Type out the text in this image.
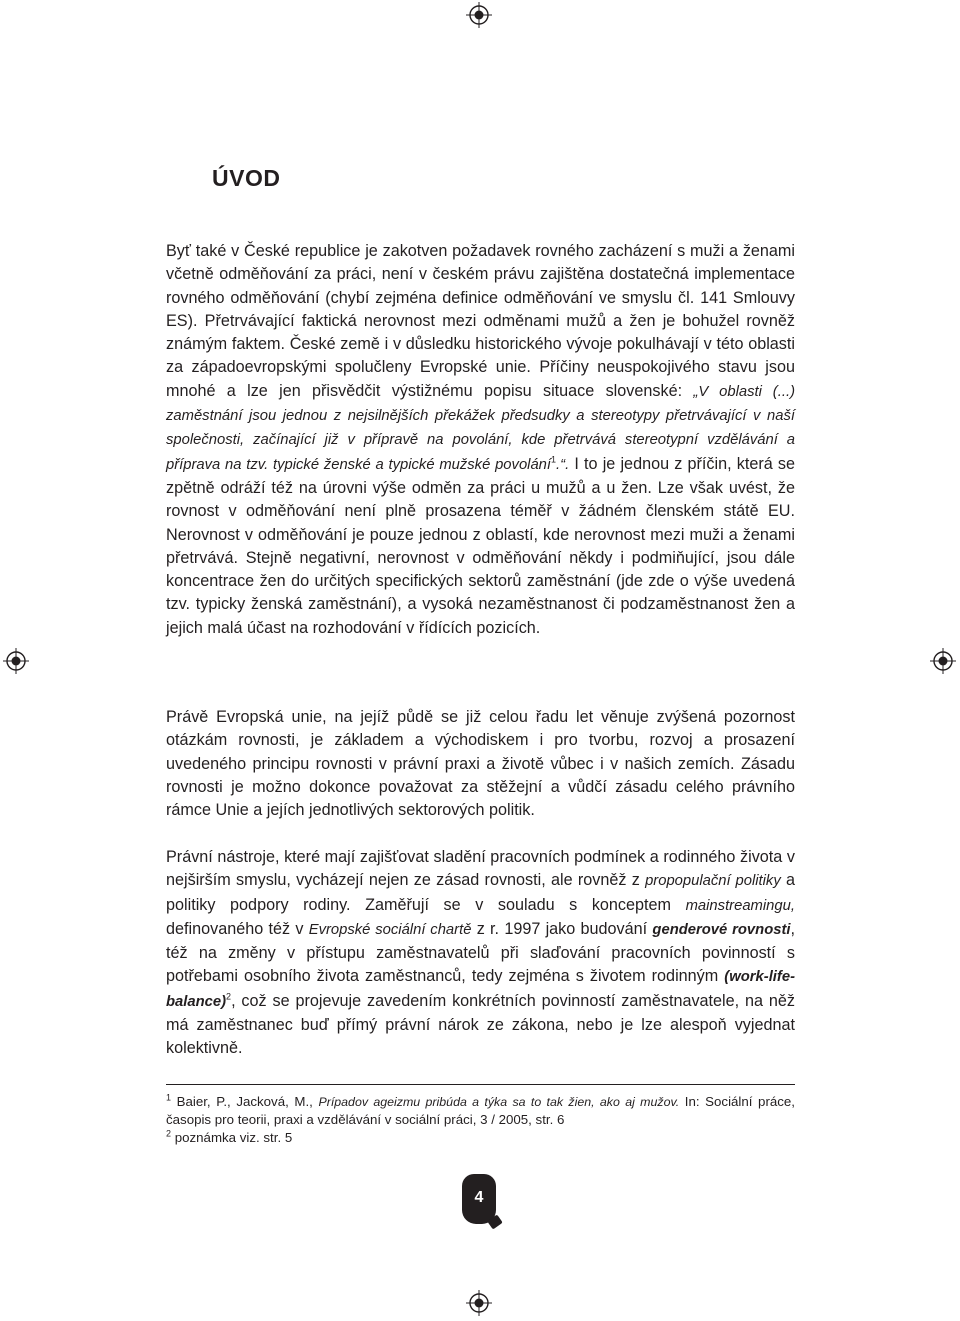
ÚVOD

Byť také v České republice je zakotven požadavek rovného zacházení s muži a ženami včetně odměňování za práci, není v českém právu zajištěna dostatečná implementace rovného odměňování (chybí zejména definice odměňování ve smyslu čl. 141 Smlouvy ES). Přetrvávající faktická nerovnost mezi odměnami mužů a žen je bohužel rovněž známým faktem. České země i v důsledku historického vývoje pokulhávají v této oblasti za západoevropskými spolučleny Evropské unie. Příčiny neuspokojivého stavu jsou mnohé a lze jen přisvědčit výstižnému popisu situace slovenské: „V oblasti (...) zaměstnání jsou jednou z nejsilnějších překážek předsudky a stereotypy přetrvávající v naší společnosti, začínající již v přípravě na povolání, kde přetrvává stereotypní vzdělávání a příprava na tzv. typické ženské a typické mužské povolání$^1$.“. I to je jednou z příčin, která se zpětně odráží též na úrovni výše odměn za práci u mužů a u žen. Lze však uvést, že rovnost v odměňování není plně prosazena téměř v žádném členském státě EU. Nerovnost v odměňování je pouze jednou z oblastí, kde nerovnost mezi muži a ženami přetrvává. Stejně negativní, nerovnost v odměňování někdy i podmiňující, jsou dále koncentrace žen do určitých specifických sektorů zaměstnání (jde zde o výše uvedená tzv. typicky ženská zaměstnání), a vysoká nezaměstnanost či podzaměstnanost žen a jejich malá účast na rozhodování v řídících pozicích.

Právě Evropská unie, na jejíž půdě se již celou řadu let věnuje zvýšená pozornost otázkám rovnosti, je základem a východiskem i pro tvorbu, rozvoj a prosazení uvedeného principu rovnosti v právní praxi a životě vůbec i v našich zemích. Zásadu rovnosti je možno dokonce považovat za stěžejní a vůdčí zásadu celého právního rámce Unie a jejích jednotlivých sektorových politik.

Právní nástroje, které mají zajišťovat sladění pracovních podmínek a rodinného života v nejširším smyslu, vycházejí nejen ze zásad rovnosti, ale rovněž z propopulační politiky a politiky podpory rodiny. Zaměřují se v souladu s konceptem mainstreamingu, definovaného též v Evropské sociální chartě z r. 1997 jako budování genderové rovnosti, též na změny v přístupu zaměstnavatelů při slaďování pracovních povinností s potřebami osobního života zaměstnanců, tedy zejména s životem rodinným (work-life-balance)$^2$, což se projevuje zavedením konkrétních povinností zaměstnavatele, na něž má zaměstnanec buď přímý právní nárok ze zákona, nebo je lze alespoň vyjednat kolektivně.

$^1$ Baier, P., Jacková, M., Prípadov ageizmu pribúda a týka sa to tak žien, ako aj mužov. In: Sociální práce, časopis pro teorii, praxi a vzdělávání v sociální práci, 3 / 2005, str. 6

$^2$ poznámka viz. str. 5

4
